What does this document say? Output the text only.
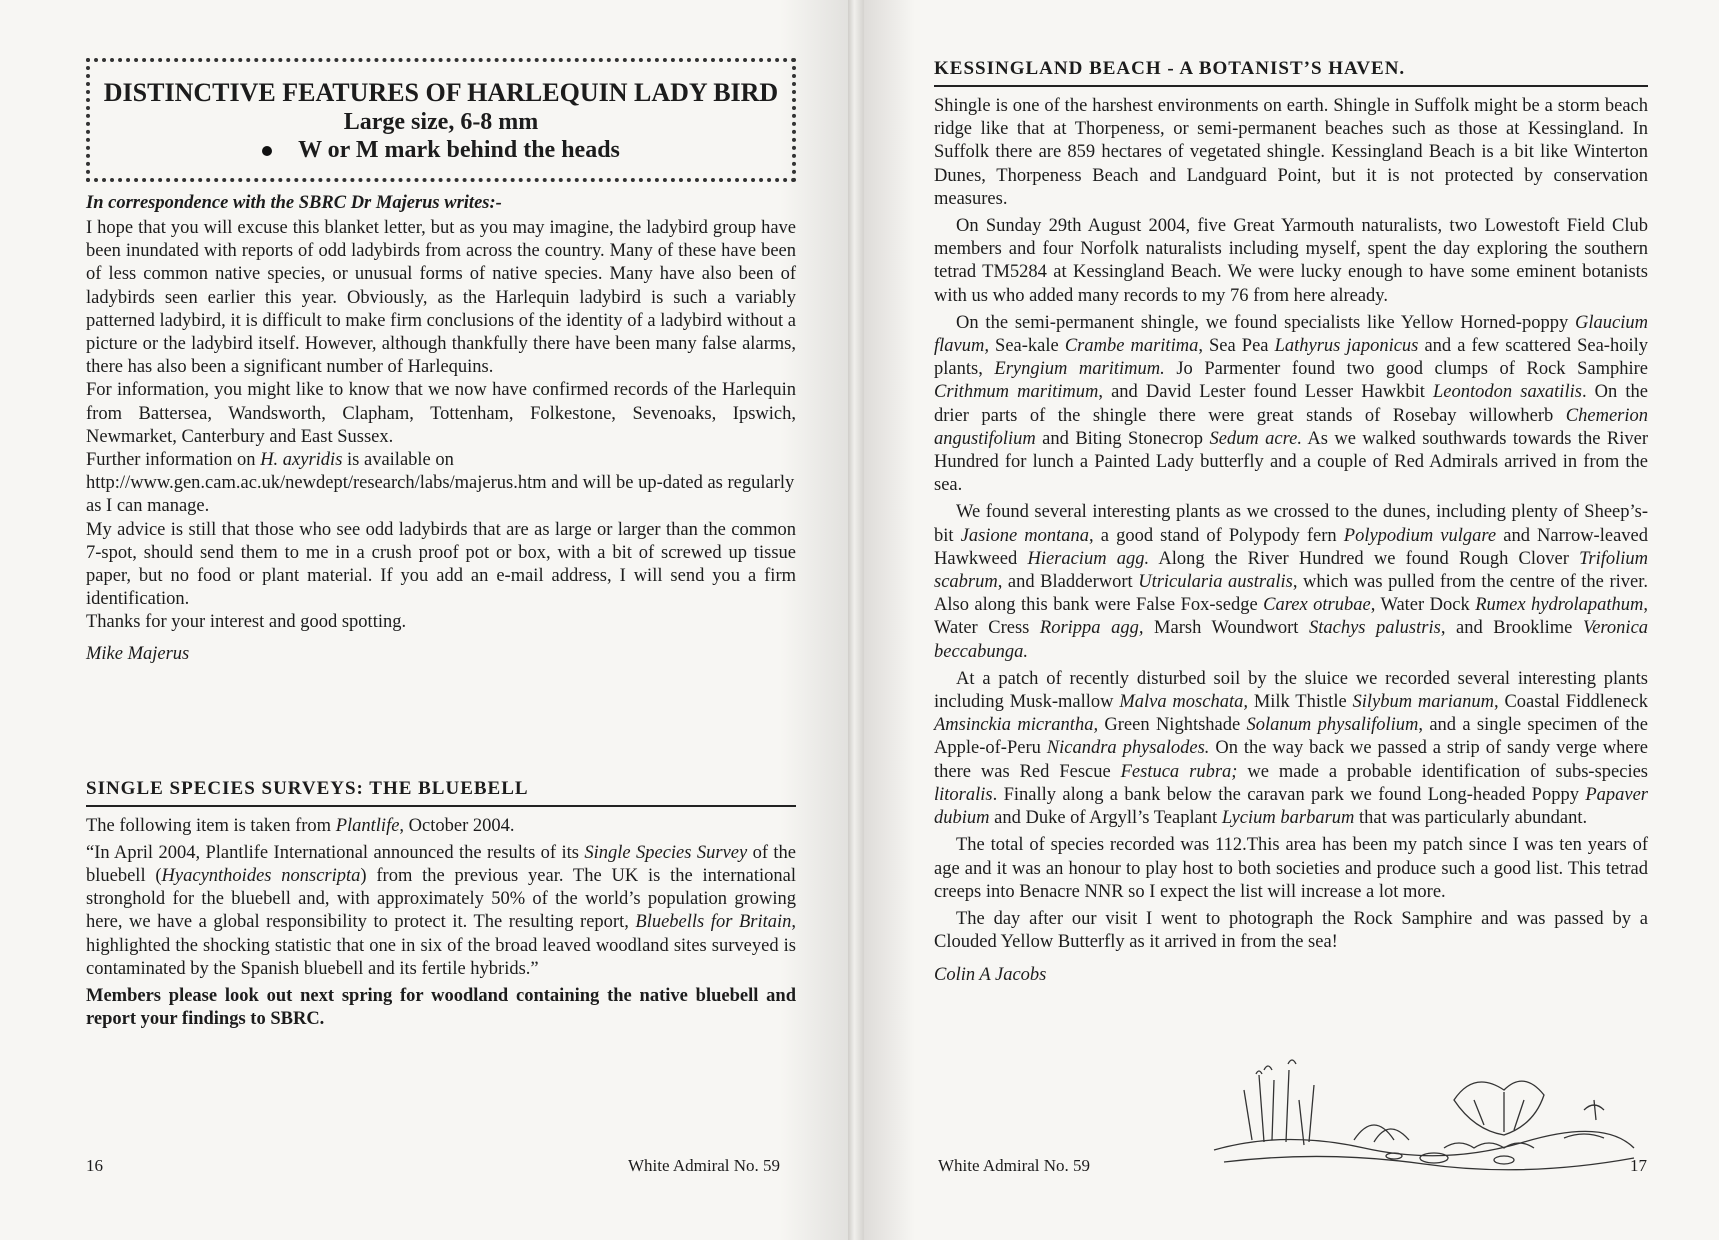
DISTINCTIVE FEATURES OF HARLEQUIN LADY BIRD
Large size, 6-8 mm
W or M mark behind the heads
In correspondence with the SBRC Dr Majerus writes:-

I hope that you will excuse this blanket letter, but as you may imagine, the ladybird group have been inundated with reports of odd ladybirds from across the country. Many of these have been of less common native species, or unusual forms of native species. Many have also been of ladybirds seen earlier this year. Obviously, as the Harlequin ladybird is such a variably patterned ladybird, it is difficult to make firm conclusions of the identity of a ladybird without a picture or the ladybird itself. However, although thankfully there have been many false alarms, there has also been a significant number of Harlequins.

For information, you might like to know that we now have confirmed records of the Harlequin from Battersea, Wandsworth, Clapham, Tottenham, Folkestone, Sevenoaks, Ipswich, Newmarket, Canterbury and East Sussex.

Further information on H. axyridis is available on

http://www.gen.cam.ac.uk/newdept/research/labs/majerus.htm and will be up-dated as regularly as I can manage.

My advice is still that those who see odd ladybirds that are as large or larger than the common 7-spot, should send them to me in a crush proof pot or box, with a bit of screwed up tissue paper, but no food or plant material. If you add an e-mail address, I will send you a firm identification.

Thanks for your interest and good spotting.

Mike Majerus
SINGLE SPECIES SURVEYS: THE BLUEBELL

The following item is taken from Plantlife, October 2004.

“In April 2004, Plantlife International announced the results of its Single Species Survey of the bluebell (Hyacynthoides nonscripta) from the previous year. The UK is the international stronghold for the bluebell and, with approximately 50% of the world’s population growing here, we have a global responsibility to protect it. The resulting report, Bluebells for Britain, highlighted the shocking statistic that one in six of the broad leaved woodland sites surveyed is contaminated by the Spanish bluebell and its fertile hybrids.”

Members please look out next spring for woodland containing the native bluebell and report your findings to SBRC.

16	White Admiral No. 59
KESSINGLAND BEACH - A BOTANIST’S HAVEN.

Shingle is one of the harshest environments on earth. Shingle in Suffolk might be a storm beach ridge like that at Thorpeness, or semi-permanent beaches such as those at Kessingland. In Suffolk there are 859 hectares of vegetated shingle. Kessingland Beach is a bit like Winterton Dunes, Thorpeness Beach and Landguard Point, but it is not protected by conservation measures.

On Sunday 29th August 2004, five Great Yarmouth naturalists, two Lowestoft Field Club members and four Norfolk naturalists including myself, spent the day exploring the southern tetrad TM5284 at Kessingland Beach. We were lucky enough to have some eminent botanists with us who added many records to my 76 from here already.

On the semi-permanent shingle, we found specialists like Yellow Horned-poppy Glaucium flavum, Sea-kale Crambe maritima, Sea Pea Lathyrus japonicus and a few scattered Sea-hoily plants, Eryngium maritimum. Jo Parmenter found two good clumps of Rock Samphire Crithmum maritimum, and David Lester found Lesser Hawkbit Leontodon saxatilis. On the drier parts of the shingle there were great stands of Rosebay willowherb Chemerion angustifolium and Biting Stonecrop Sedum acre. As we walked southwards towards the River Hundred for lunch a Painted Lady butterfly and a couple of Red Admirals arrived in from the sea.

We found several interesting plants as we crossed to the dunes, including plenty of Sheep’s-bit Jasione montana, a good stand of Polypody fern Polypodium vulgare and Narrow-leaved Hawkweed Hieracium agg. Along the River Hundred we found Rough Clover Trifolium scabrum, and Bladderwort Utricularia australis, which was pulled from the centre of the river. Also along this bank were False Fox-sedge Carex otrubae, Water Dock Rumex hydrolapathum, Water Cress Rorippa agg, Marsh Woundwort Stachys palustris, and Brooklime Veronica beccabunga.

At a patch of recently disturbed soil by the sluice we recorded several interesting plants including Musk-mallow Malva moschata, Milk Thistle Silybum marianum, Coastal Fiddleneck Amsinckia micrantha, Green Nightshade Solanum physalifolium, and a single specimen of the Apple-of-Peru Nicandra physalodes. On the way back we passed a strip of sandy verge where there was Red Fescue Festuca rubra; we made a probable identification of subs-species litoralis. Finally along a bank below the caravan park we found Long-headed Poppy Papaver dubium and Duke of Argyll’s Teaplant Lycium barbarum that was particularly abundant.

The total of species recorded was 112.This area has been my patch since I was ten years of age and it was an honour to play host to both societies and produce such a good list. This tetrad creeps into Benacre NNR so I expect the list will increase a lot more.

The day after our visit I went to photograph the Rock Samphire and was passed by a Clouded Yellow Butterfly as it arrived in from the sea!

Colin A Jacobs
White Admiral No. 59	17
